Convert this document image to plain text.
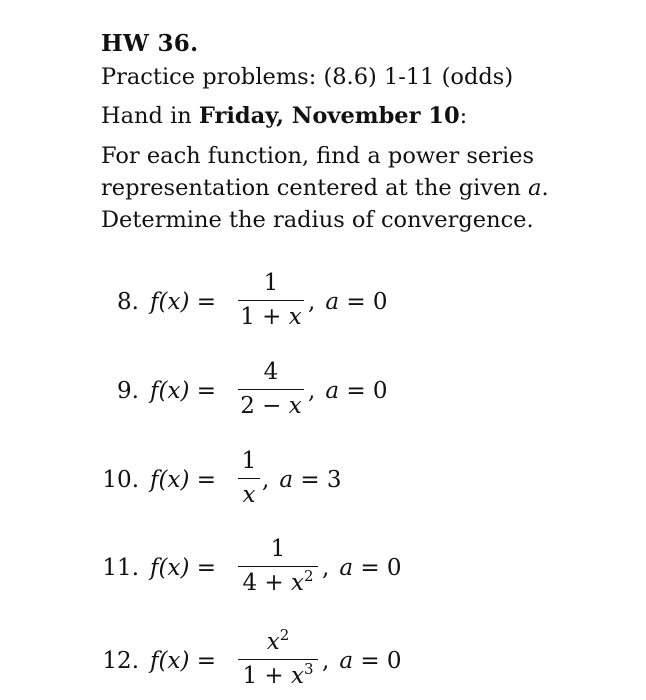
HW 36.
Practice problems: (8.6) 1-11 (odds)
Hand in Friday, November 10:
For each function, find a power series
representation centered at the given a.
Determine the radius of convergence.
8. f(x) =
1
1 + x
, a = 0
9. f(x) =
4
2 − x
, a = 0
10. f(x) =
1
x
, a = 3
11. f(x) =
1
$4 + x^2$ , a = 0
12. f(x) =
$x^2$
$1 + x^3$ , a = 0
